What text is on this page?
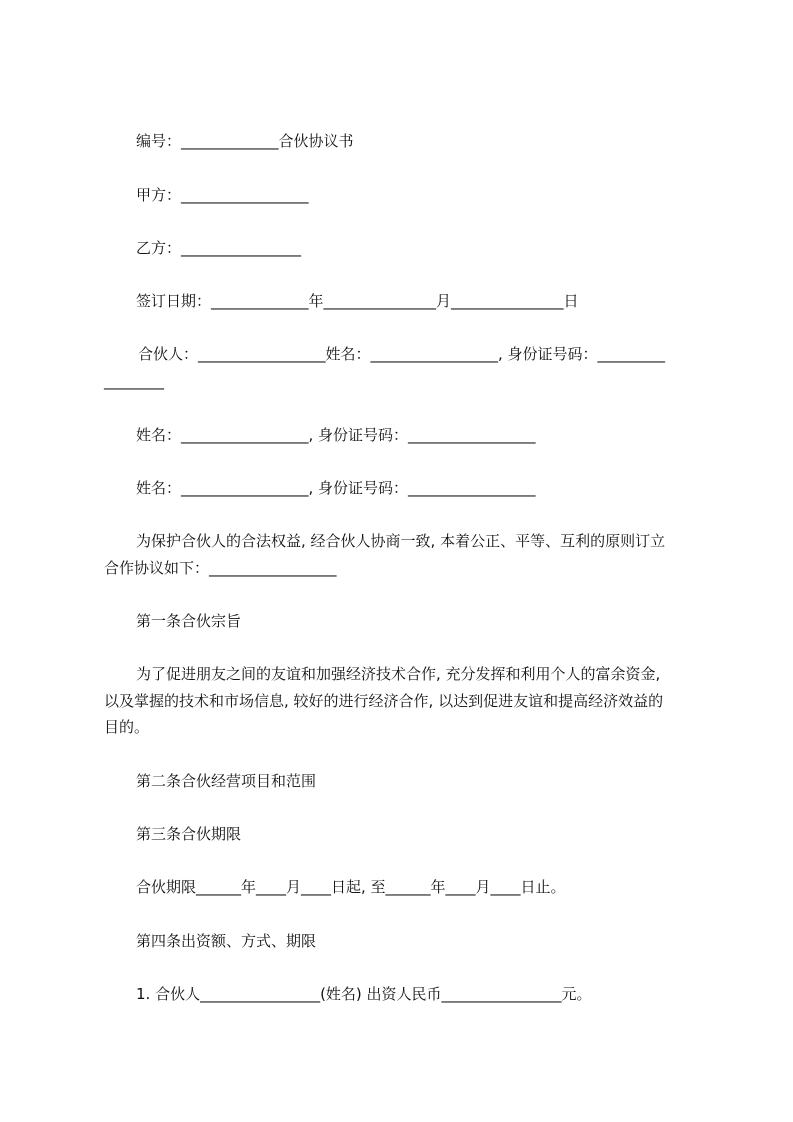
编号：_____________合伙协议书
甲方：_________________
乙方：________________
签订日期：_____________年_______________月_______________日
合伙人：_________________姓名：_________________, 身份证号码：_________
________
姓名：_________________, 身份证号码：_________________
姓名：_________________, 身份证号码：_________________
为保护合伙人的合法权益, 经合伙人协商一致, 本着公正、平等、互利的原则订立
合作协议如下：_________________
第一条合伙宗旨
为了促进朋友之间的友谊和加强经济技术合作, 充分发挥和利用个人的富余资金,
以及掌握的技术和市场信息, 较好的进行经济合作, 以达到促进友谊和提高经济效益的
目的。
第二条合伙经营项目和范围
第三条合伙期限
合伙期限______年____月____日起, 至______年____月____日止。
第四条出资额、方式、期限
1. 合伙人________________(姓名) 出资人民币________________元。
